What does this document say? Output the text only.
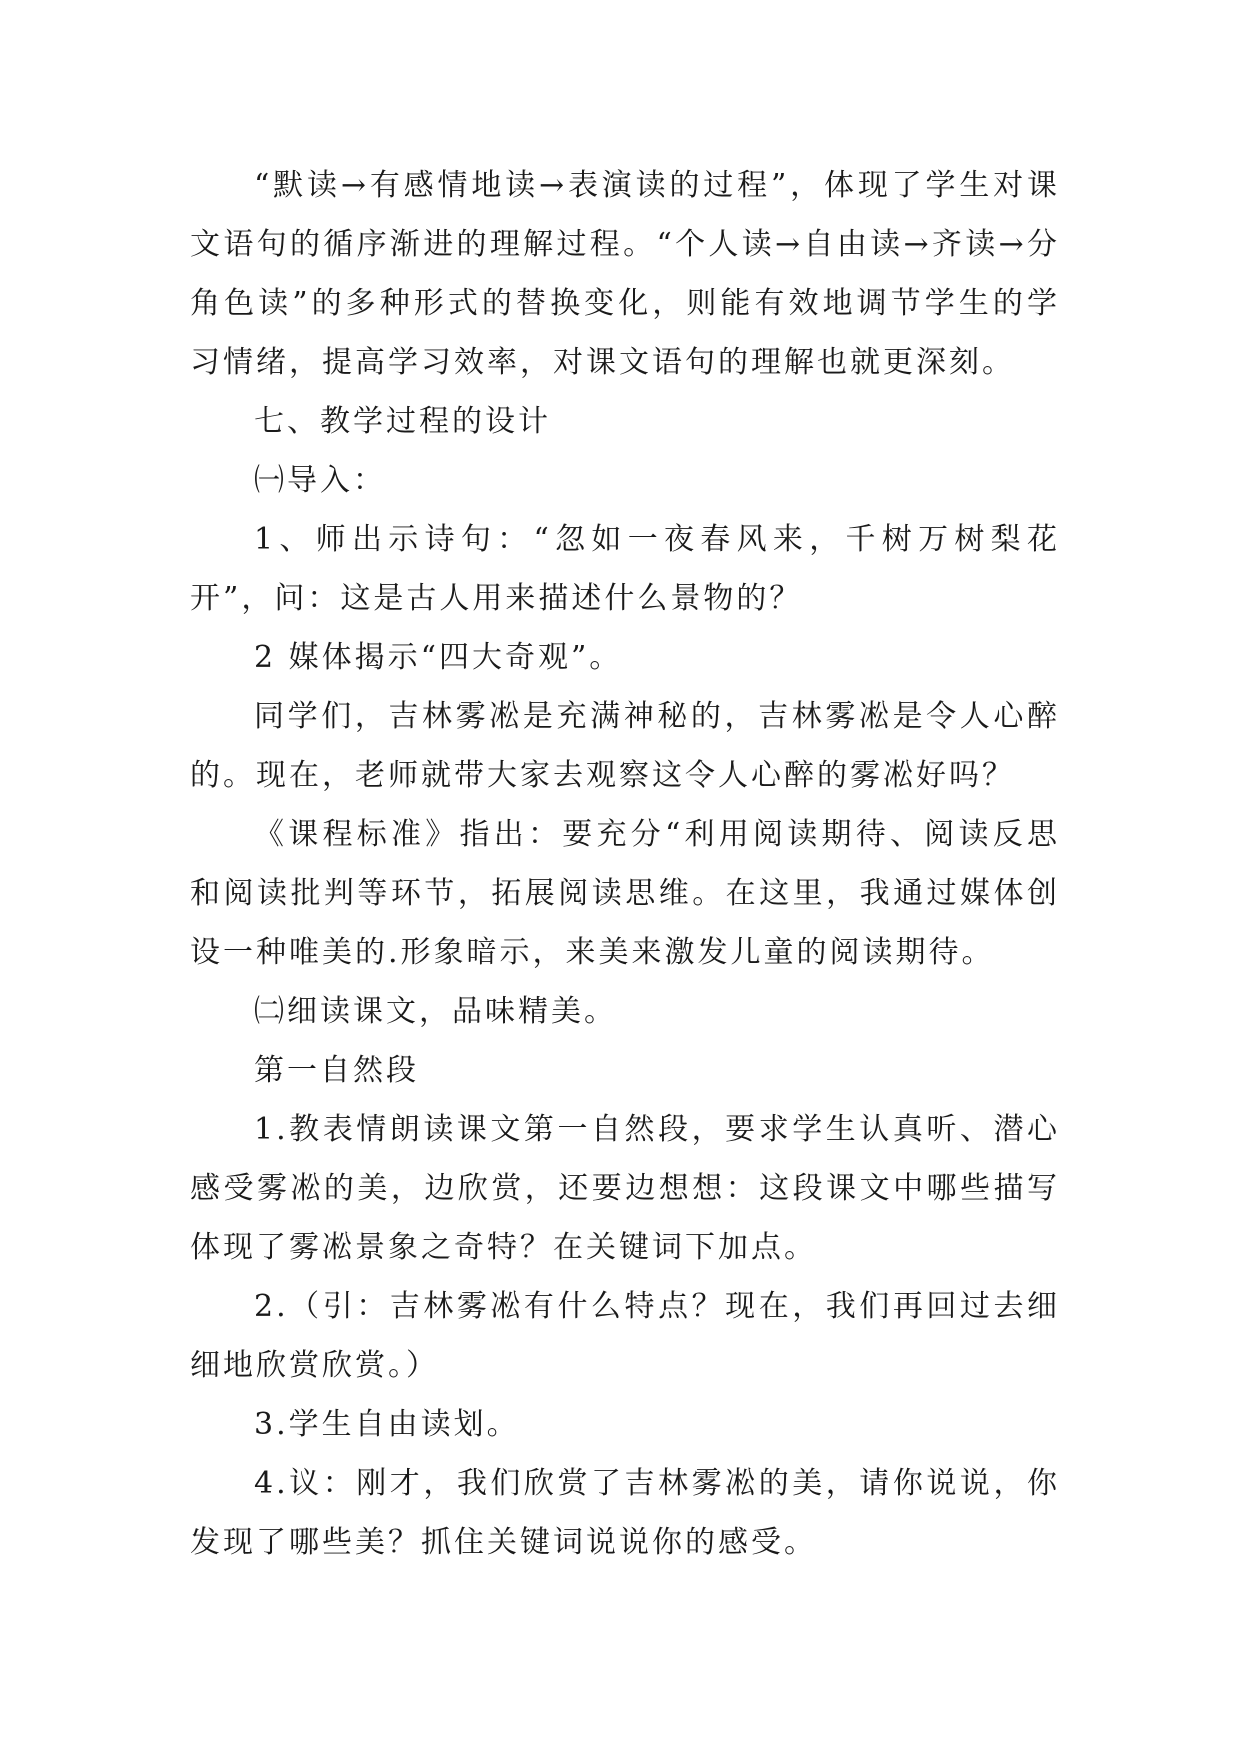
“默读→有感情地读→表演读的过程”，体现了学生对课文语句的循序渐进的理解过程。“个人读→自由读→齐读→分角色读”的多种形式的替换变化，则能有效地调节学生的学习情绪，提高学习效率，对课文语句的理解也就更深刻。

七、教学过程的设计

㈠导入：

1、师出示诗句：“忽如一夜春风来，千树万树梨花开”，问：这是古人用来描述什么景物的？

2 媒体揭示“四大奇观”。

同学们，吉林雾凇是充满神秘的，吉林雾凇是令人心醉的。现在，老师就带大家去观察这令人心醉的雾凇好吗？

《课程标准》指出：要充分“利用阅读期待、阅读反思和阅读批判等环节，拓展阅读思维。在这里，我通过媒体创设一种唯美的.形象暗示，来美来激发儿童的阅读期待。

㈡细读课文，品味精美。

第一自然段

1.教表情朗读课文第一自然段，要求学生认真听、潜心感受雾凇的美，边欣赏，还要边想想：这段课文中哪些描写体现了雾凇景象之奇特？在关键词下加点。

2.（引：吉林雾凇有什么特点？现在，我们再回过去细细地欣赏欣赏。）

3.学生自由读划。

4.议：刚才，我们欣赏了吉林雾凇的美，请你说说，你发现了哪些美？抓住关键词说说你的感受。
